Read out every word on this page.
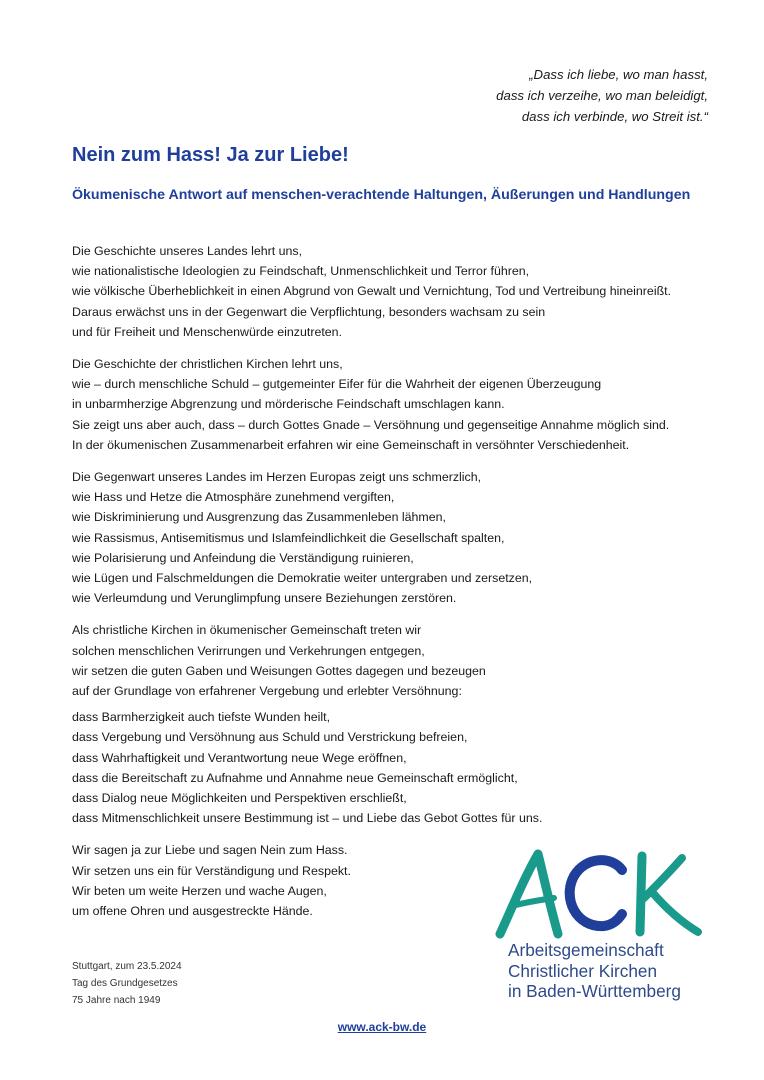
„Dass ich liebe, wo man hasst,
dass ich verzeihe, wo man beleidigt,
dass ich verbinde, wo Streit ist.“
Nein zum Hass! Ja zur Liebe!
Ökumenische Antwort auf menschen-verachtende Haltungen, Äußerungen und Handlungen
Die Geschichte unseres Landes lehrt uns,
wie nationalistische Ideologien zu Feindschaft, Unmenschlichkeit und Terror führen,
wie völkische Überheblichkeit in einen Abgrund von Gewalt und Vernichtung, Tod und Vertreibung hineinreißt.
Daraus erwächst uns in der Gegenwart die Verpflichtung, besonders wachsam zu sein
und für Freiheit und Menschenwürde einzutreten.
Die Geschichte der christlichen Kirchen lehrt uns,
wie – durch menschliche Schuld – gutgemeinter Eifer für die Wahrheit der eigenen Überzeugung
in unbarmherzige Abgrenzung und mörderische Feindschaft umschlagen kann.
Sie zeigt uns aber auch, dass – durch Gottes Gnade – Versöhnung und gegenseitige Annahme möglich sind.
In der ökumenischen Zusammenarbeit erfahren wir eine Gemeinschaft in versöhnter Verschiedenheit.
Die Gegenwart unseres Landes im Herzen Europas zeigt uns schmerzlich,
wie Hass und Hetze die Atmosphäre zunehmend vergiften,
wie Diskriminierung und Ausgrenzung das Zusammenleben lähmen,
wie Rassismus, Antisemitismus und Islamfeindlichkeit die Gesellschaft spalten,
wie Polarisierung und Anfeindung die Verständigung ruinieren,
wie Lügen und Falschmeldungen die Demokratie weiter untergraben und zersetzen,
wie Verleumdung und Verunglimpfung unsere Beziehungen zerstören.
Als christliche Kirchen in ökumenischer Gemeinschaft treten wir
solchen menschlichen Verirrungen und Verkehrungen entgegen,
wir setzen die guten Gaben und Weisungen Gottes dagegen und bezeugen
auf der Grundlage von erfahrener Vergebung und erlebter Versöhnung:
dass Barmherzigkeit auch tiefste Wunden heilt,
dass Vergebung und Versöhnung aus Schuld und Verstrickung befreien,
dass Wahrhaftigkeit und Verantwortung neue Wege eröffnen,
dass die Bereitschaft zu Aufnahme und Annahme neue Gemeinschaft ermöglicht,
dass Dialog neue Möglichkeiten und Perspektiven erschließt,
dass Mitmenschlichkeit unsere Bestimmung ist – und Liebe das Gebot Gottes für uns.
Wir sagen ja zur Liebe und sagen Nein zum Hass.
Wir setzen uns ein für Verständigung und Respekt.
Wir beten um weite Herzen und wache Augen,
um offene Ohren und ausgestreckte Hände.
Stuttgart, zum 23.5.2024
Tag des Grundgesetzes
75 Jahre nach 1949
Arbeitsgemeinschaft
Christlicher Kirchen
in Baden-Württemberg
www.ack-bw.de
